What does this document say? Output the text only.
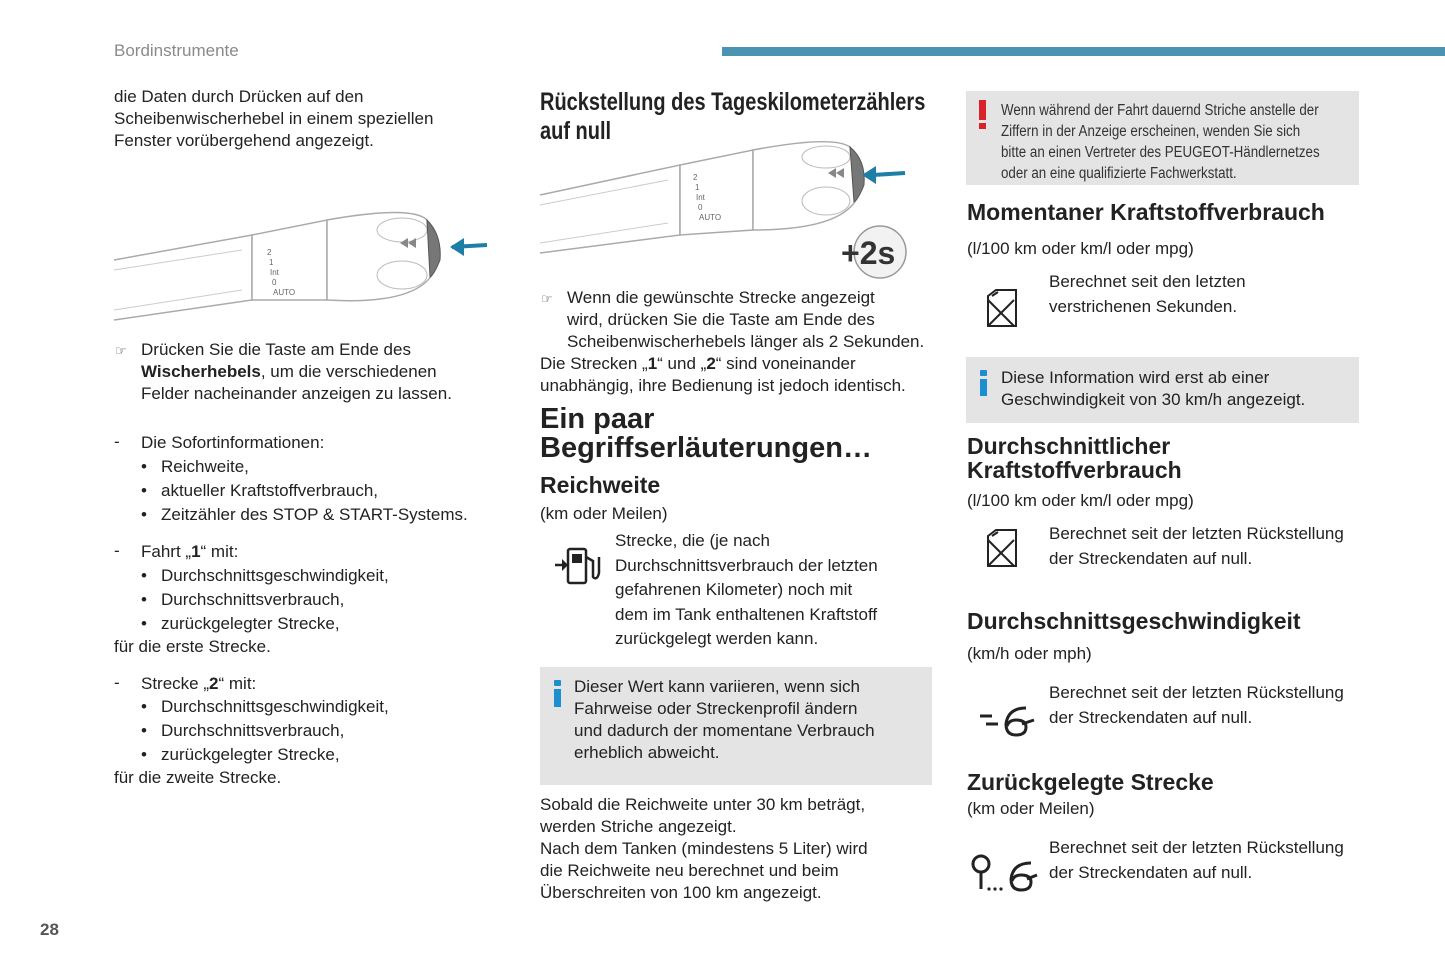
Bordinstrumente
28
die Daten durch Drücken auf den
Scheibenwischerhebel in einem speziellen
Fenster vorübergehend angezeigt.
2
1
Int
0
AUTO
☞ Drücken Sie die Taste am Ende des
Wischerhebels, um die verschiedenen
Felder nacheinander anzeigen zu lassen.
- Die Sofortinformationen:
• Reichweite,
• aktueller Kraftstoffverbrauch,
• Zeitzähler des STOP & START-Systems.
- Fahrt „1“ mit:
• Durchschnittsgeschwindigkeit,
• Durchschnittsverbrauch,
• zurückgelegter Strecke,
für die erste Strecke.
- Strecke „2“ mit:
• Durchschnittsgeschwindigkeit,
• Durchschnittsverbrauch,
• zurückgelegter Strecke,
für die zweite Strecke.
Rückstellung des Tageskilometerzählers
auf null
2
1
Int
0
AUTO
+2s
☞ Wenn die gewünschte Strecke angezeigt
wird, drücken Sie die Taste am Ende des
Scheibenwischerhebels länger als 2 Sekunden.
Die Strecken „1“ und „2“ sind voneinander
unabhängig, ihre Bedienung ist jedoch identisch.
Ein paar
Begriffserläuterungen…
Reichweite
(km oder Meilen)
Strecke, die (je nach
Durchschnittsverbrauch der letzten
gefahrenen Kilometer) noch mit
dem im Tank enthaltenen Kraftstoff
zurückgelegt werden kann.
Dieser Wert kann variieren, wenn sich
Fahrweise oder Streckenprofil ändern
und dadurch der momentane Verbrauch
erheblich abweicht.
Sobald die Reichweite unter 30 km beträgt,
werden Striche angezeigt.
Nach dem Tanken (mindestens 5 Liter) wird
die Reichweite neu berechnet und beim
Überschreiten von 100 km angezeigt.
Wenn während der Fahrt dauernd Striche anstelle der
Ziffern in der Anzeige erscheinen, wenden Sie sich
bitte an einen Vertreter des PEUGEOT-Händlernetzes
oder an eine qualifizierte Fachwerkstatt.
Momentaner Kraftstoffverbrauch
(l/100 km oder km/l oder mpg)
Berechnet seit den letzten
verstrichenen Sekunden.
Diese Information wird erst ab einer
Geschwindigkeit von 30 km/h angezeigt.
Durchschnittlicher
Kraftstoffverbrauch
(l/100 km oder km/l oder mpg)
Berechnet seit der letzten Rückstellung
der Streckendaten auf null.
Durchschnittsgeschwindigkeit
(km/h oder mph)
Berechnet seit der letzten Rückstellung
der Streckendaten auf null.
Zurückgelegte Strecke
(km oder Meilen)
Berechnet seit der letzten Rückstellung
der Streckendaten auf null.
